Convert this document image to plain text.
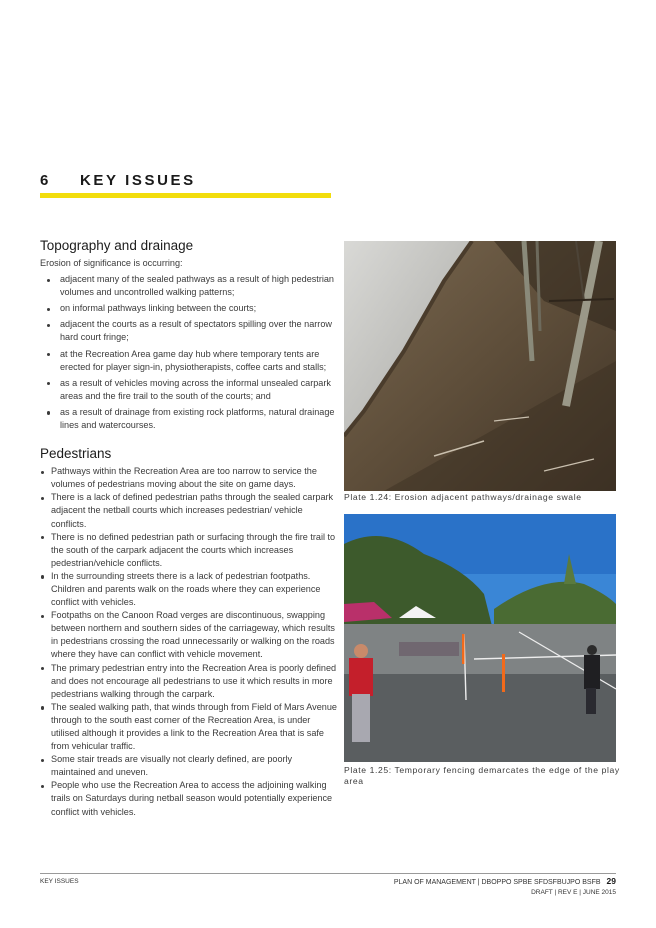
6 KEY ISSUES
Topography and drainage
Erosion of significance is occurring:
adjacent many of the sealed pathways as a result of high pedestrian volumes and uncontrolled walking patterns;
on informal pathways linking between the courts;
adjacent the courts as a result of spectators spilling over the narrow hard court fringe;
at the Recreation Area game day hub where temporary tents are erected for player sign-in, physiotherapists, coffee carts and stalls;
as a result of vehicles moving across the informal unsealed carpark areas and the fire trail to the south of the courts; and
as a result of drainage from existing rock platforms, natural drainage lines and watercourses.
Pedestrians
Pathways within the Recreation Area are too narrow to service the volumes of pedestrians moving about the site on game days.
There is a lack of defined pedestrian paths through the sealed carpark adjacent the netball courts which increases pedestrian/ vehicle conflicts.
There is no defined pedestrian path or surfacing through the fire trail to the south of the carpark adjacent the courts which increases pedestrian/vehicle conflicts.
In the surrounding streets there is a lack of pedestrian footpaths. Children and parents walk on the roads where they can experience conflict with vehicles.
Footpaths on the Canoon Road verges are discontinuous, swapping between northern and southern sides of the carriageway, which results in pedestrians crossing the road unnecessarily or walking on the roads where they have can conflict with vehicle movement.
The primary pedestrian entry into the Recreation Area is poorly defined and does not encourage all pedestrians to use it which results in more pedestrians walking through the carpark.
The sealed walking path, that winds through from Field of Mars Avenue through to the south east corner of the Recreation Area, is under utilised although it provides a link to the Recreation Area that is safe from vehicular traffic.
Some stair treads are visually not clearly defined, are poorly maintained and uneven.
People who use the Recreation Area to access the adjoining walking trails on Saturdays during netball season would potentially experience conflict with vehicles.
Plate 1.24: Erosion adjacent pathways/drainage swale
Plate 1.25: Temporary fencing demarcates the edge of the play area
KEY ISSUES	PLAN OF MANAGEMENT | DBOPPO SPBE SFDSFBUJPO BSFB 29
DRAFT | REV E | JUNE 2015
